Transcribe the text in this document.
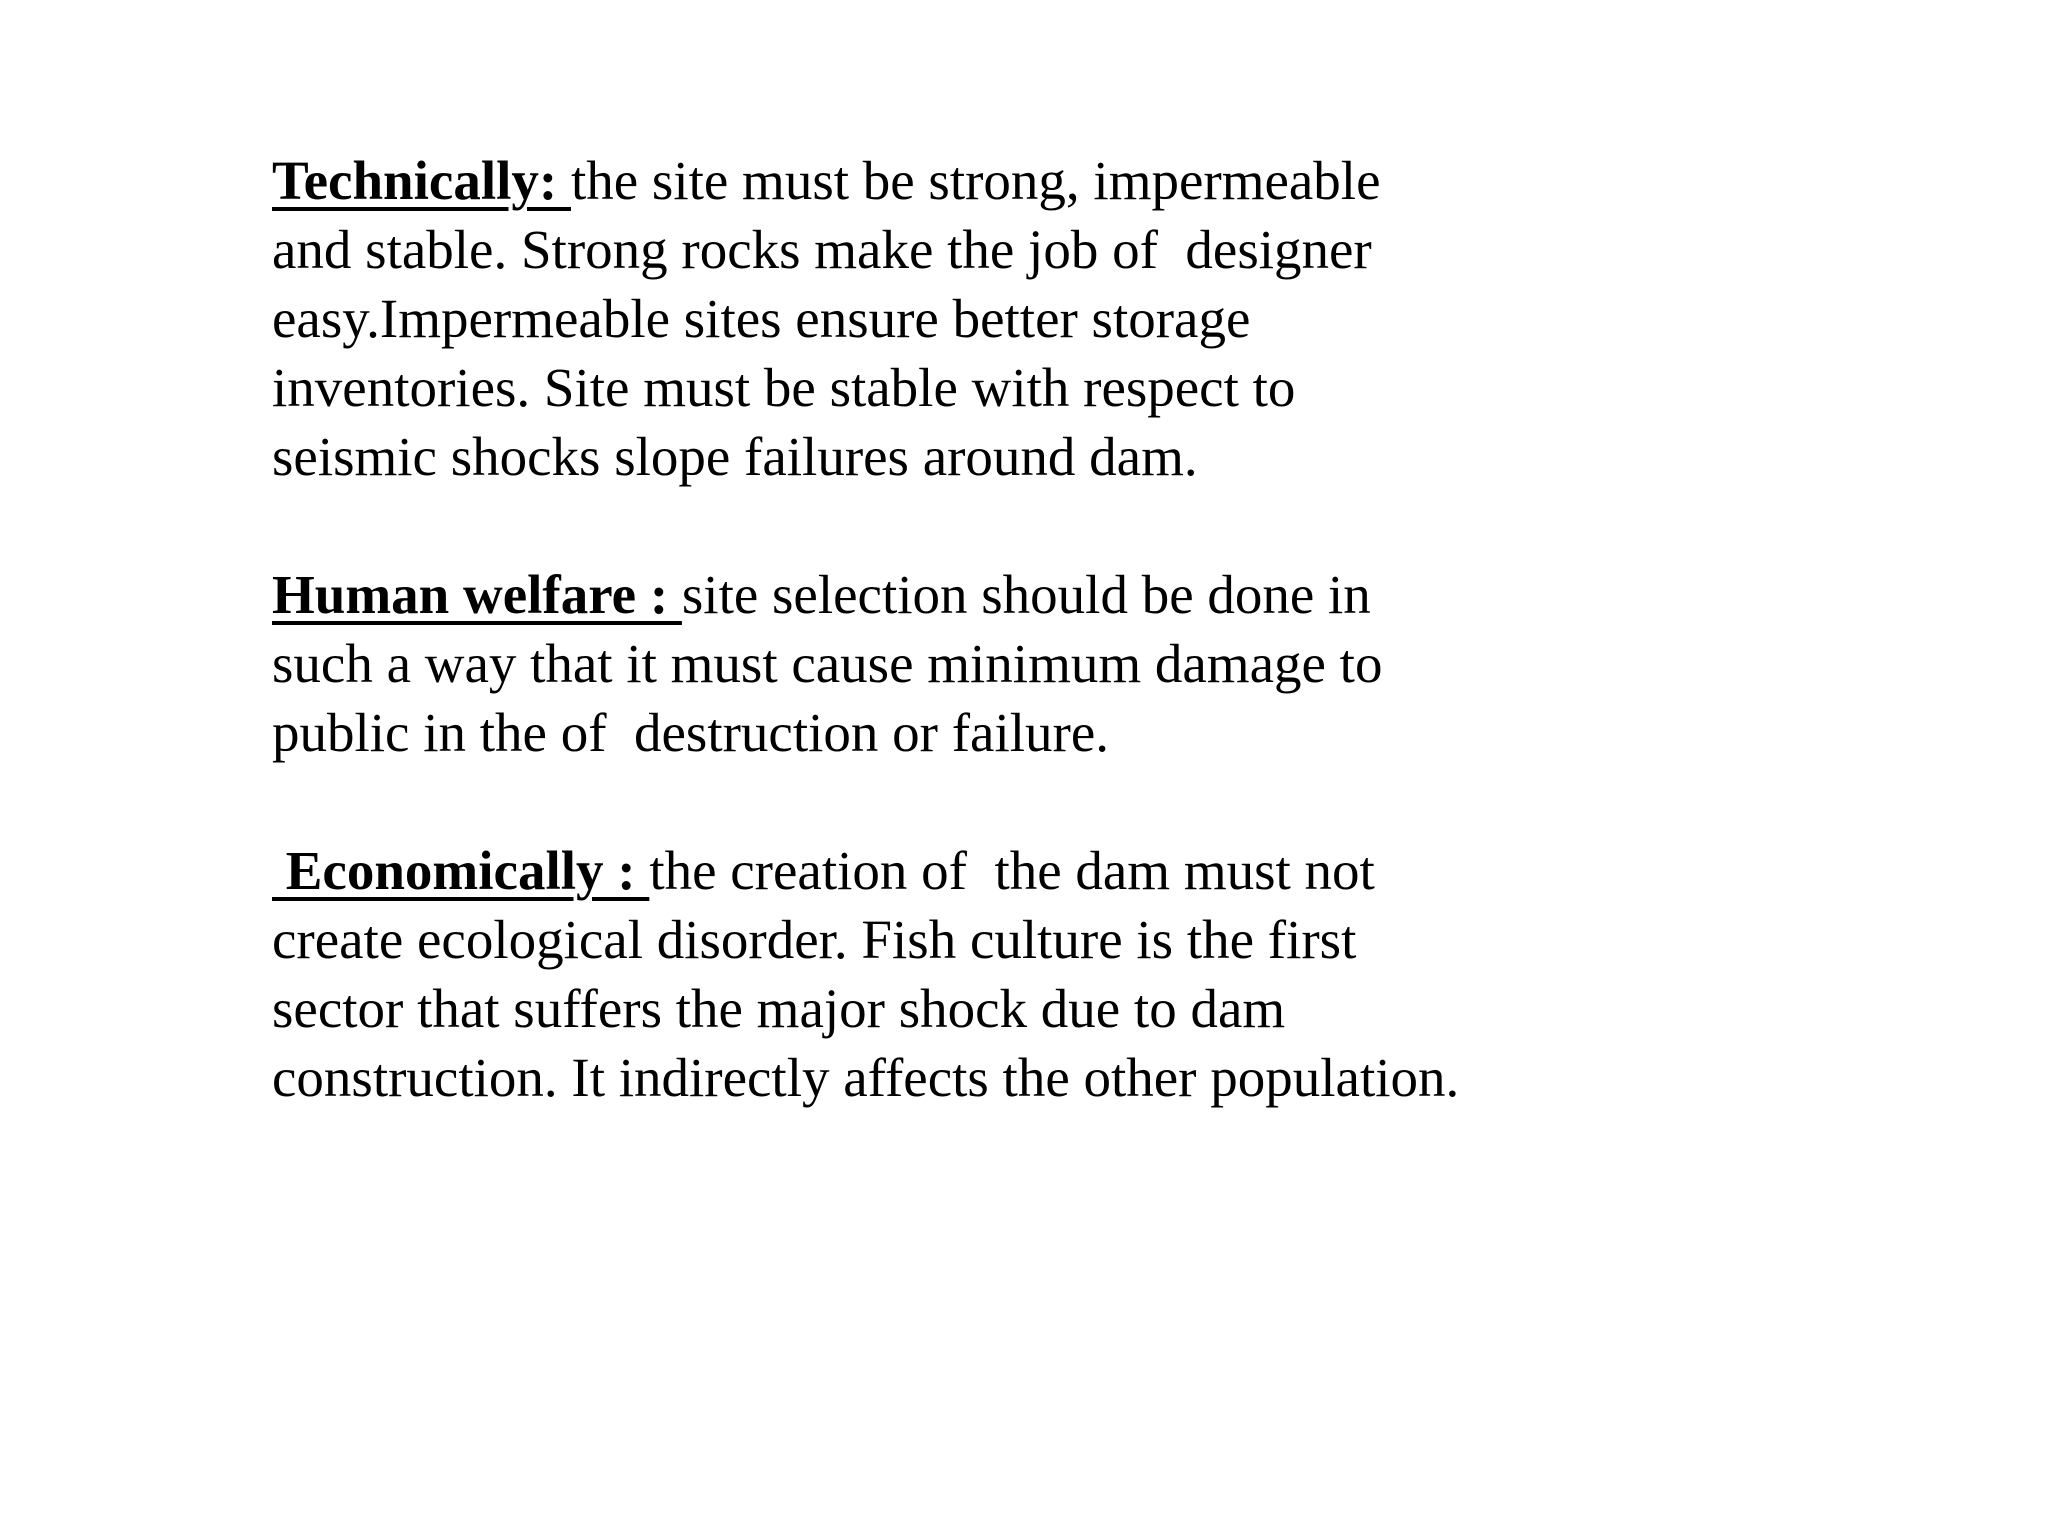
Technically: the site must be strong, impermeable
and stable. Strong rocks make the job of  designer
easy.Impermeable sites ensure better storage
inventories. Site must be stable with respect to
seismic shocks slope failures around dam.
Human welfare : site selection should be done in
such a way that it must cause minimum damage to
public in the of  destruction or failure.
Economically : the creation of  the dam must not
create ecological disorder. Fish culture is the first
sector that suffers the major shock due to dam
construction. It indirectly affects the other population.
